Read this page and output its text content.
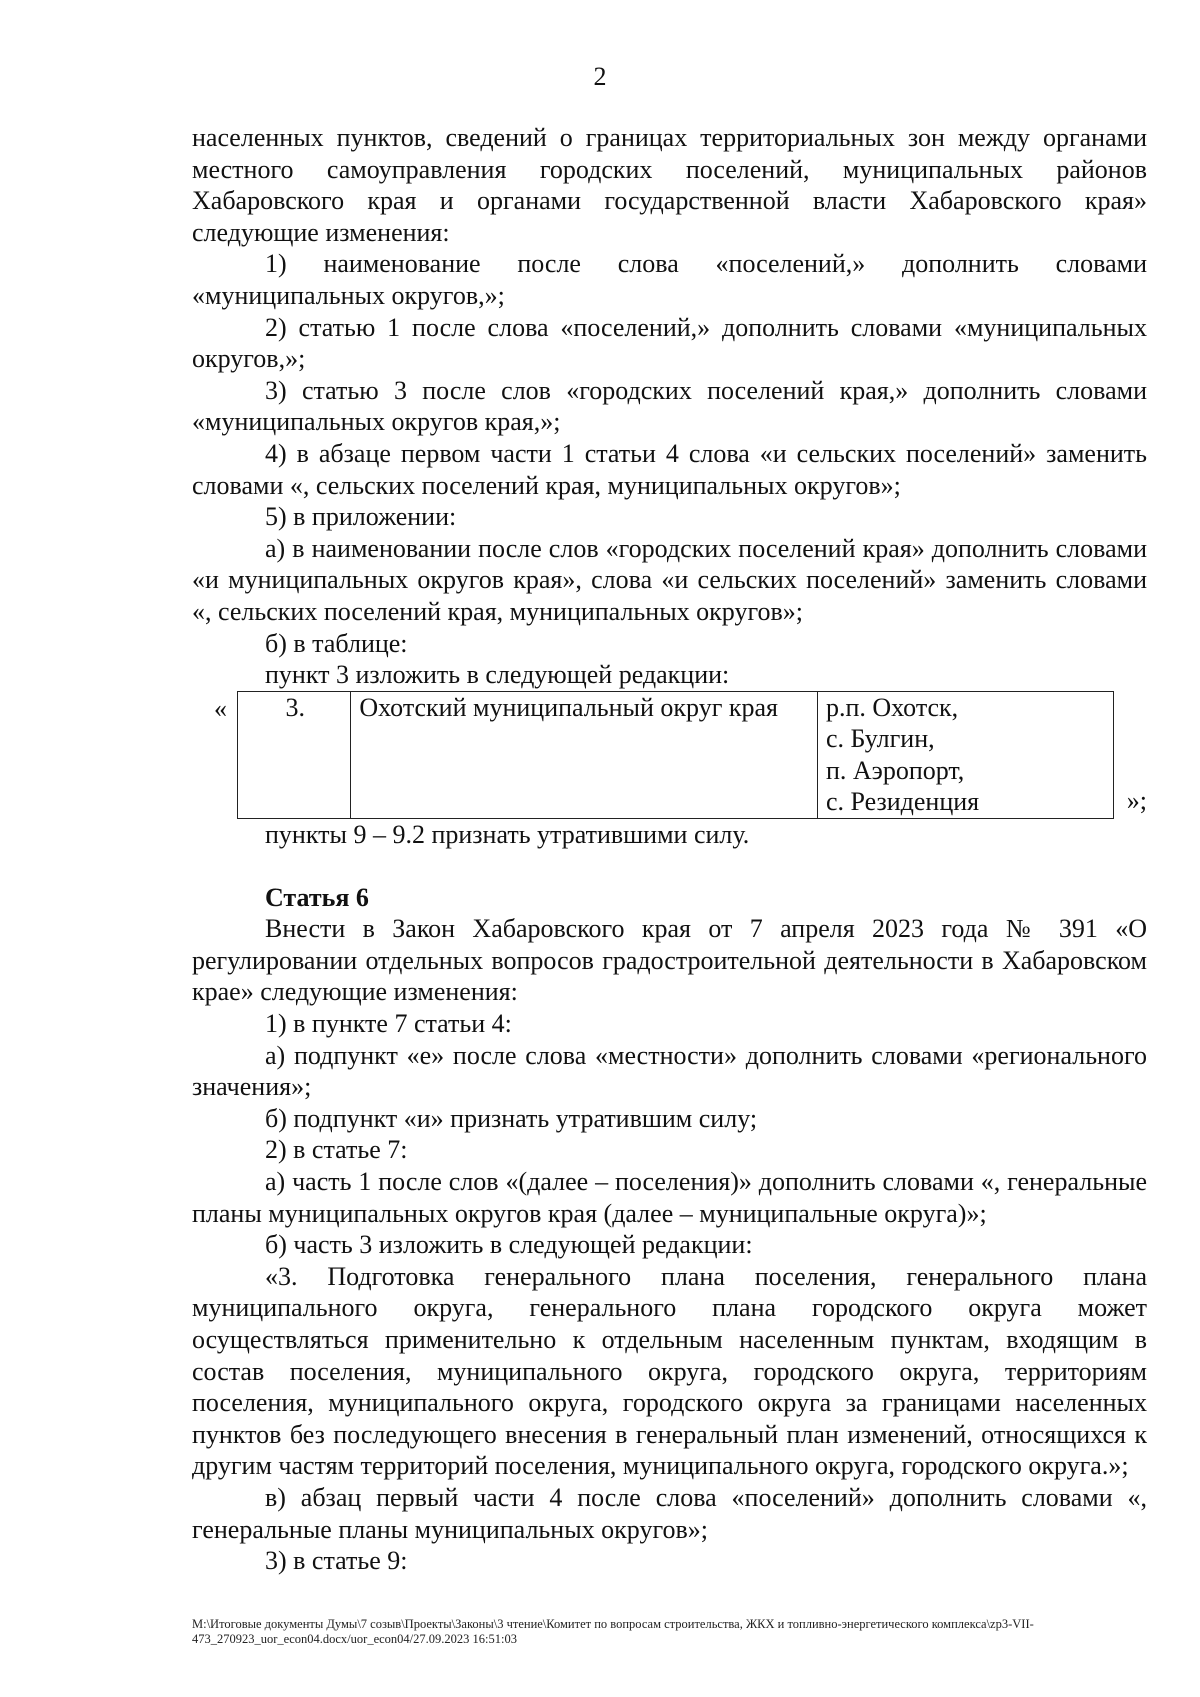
2

населенных пунктов, сведений о границах территориальных зон между органами местного самоуправления городских поселений, муниципальных районов Хабаровского края и органами государственной власти Хабаровского края» следующие изменения:

1) наименование после слова «поселений,» дополнить словами «муниципальных округов,»;

2) статью 1 после слова «поселений,» дополнить словами «муниципальных округов,»;

3) статью 3 после слов «городских поселений края,» дополнить словами «муниципальных округов края,»;

4) в абзаце первом части 1 статьи 4 слова «и сельских поселений» заменить словами «, сельских поселений края, муниципальных округов»;

5) в приложении:

а) в наименовании после слов «городских поселений края» дополнить словами «и муниципальных округов края», слова «и сельских поселений» заменить словами «, сельских поселений края, муниципальных округов»;

б) в таблице:

пункт 3 изложить в следующей редакции:

« 3.	Охотский муниципальный округ края	р.п. Охотск,
с. Булгин,
п. Аэропорт,
с. Резиденция	»;

пункты 9 – 9.2 признать утратившими силу.

Статья 6

Внести в Закон Хабаровского края от 7 апреля 2023 года № 391 «О регулировании отдельных вопросов градостроительной деятельности в Хабаровском крае» следующие изменения:

1) в пункте 7 статьи 4:

а) подпункт «е» после слова «местности» дополнить словами «регионального значения»;

б) подпункт «и» признать утратившим силу;

2) в статье 7:

а) часть 1 после слов «(далее – поселения)» дополнить словами «, генеральные планы муниципальных округов края (далее – муниципальные округа)»;

б) часть 3 изложить в следующей редакции:

«3. Подготовка генерального плана поселения, генерального плана муниципального округа, генерального плана городского округа может осуществляться применительно к отдельным населенным пунктам, входящим в состав поселения, муниципального округа, городского округа, территориям поселения, муниципального округа, городского округа за границами населенных пунктов без последующего внесения в генеральный план изменений, относящихся к другим частям территорий поселения, муниципального округа, городского округа.»;

в) абзац первый части 4 после слова «поселений» дополнить словами «, генеральные планы муниципальных округов»;

3) в статье 9:

M:\Итоговые документы Думы\7 созыв\Проекты\Законы\3 чтение\Комитет по вопросам строительства, ЖКХ и топливно-энергетического комплекса\zp3-VII-473_270923_uor_econ04.docx/uor_econ04/27.09.2023 16:51:03
